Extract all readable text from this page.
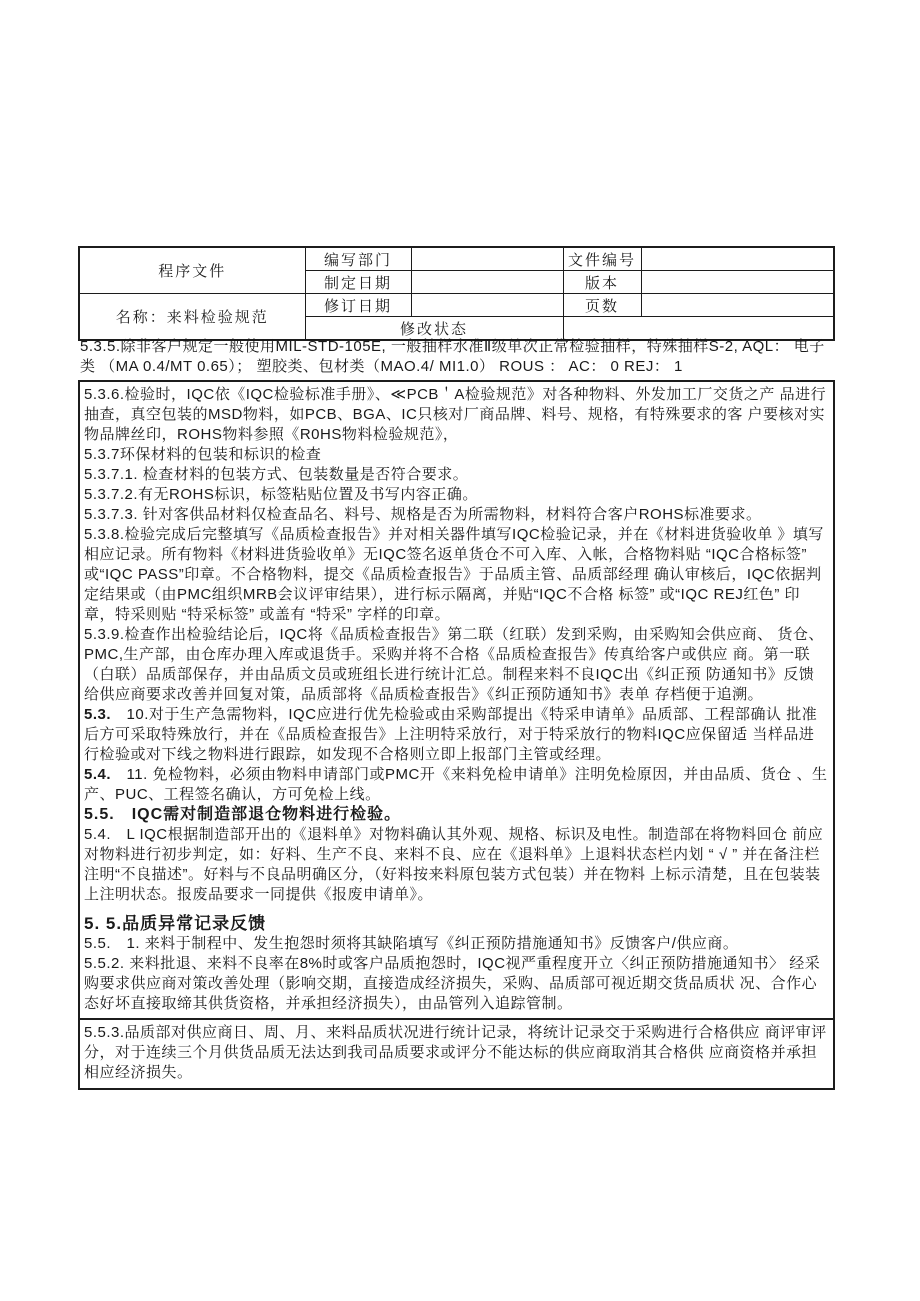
程序文件	编写部门		文件编号	
	制定日期		版本	
名称：来料检验规范	修订日期		页数	
	修改状态			

5.3.5.除非客户规定一般使用MIL-STD-105E, 一般抽样水准Ⅱ级单次正常检验抽样，特殊抽样S-2, AQL： 电子类 （MA 0.4/MT 0.65）； 塑胶类、包材类（MAO.4/ MI1.0） ROUS ： AC： 0 REJ： 1

5.3.6.检验时，IQC依《IQC检验标准手册》、≪PCB＇A检验规范》对各种物料、外发加工厂交货之产 品进行抽查，真空包装的MSD物料，如PCB、BGA、IC只核对厂商品牌、料号、规格，有特殊要求的客 户要核对实物品牌丝印，ROHS物料参照《R0HS物料检验规范》，

5.3.7环保材料的包装和标识的检查

5.3.7.1. 检查材料的包装方式、包装数量是否符合要求。

5.3.7.2.有无ROHS标识，标签粘贴位置及书写内容正确。

5.3.7.3. 针对客供品材料仅检查品名、料号、规格是否为所需物料，材料符合客户ROHS标准要求。

5.3.8.检验完成后完整填写《品质检查报告》并对相关器件填写IQC检验记录，并在《材料进货验收单 》填写相应记录。所有物料《材料进货验收单》无IQC签名返单货仓不可入库、入帐，合格物料贴 “IQC合格标签” 或“IQC PASS”印章。不合格物料，提交《品质检查报告》于品质主管、品质部经理 确认审核后，IQC依据判定结果或（由PMC组织MRB会议评审结果），进行标示隔离，并贴“IQC不合格 标签” 或“IQC REJ红色” 印章，特采则贴 “特采标签” 或盖有 “特采” 字样的印章。

5.3.9.检查作出检验结论后，IQC将《品质检查报告》第二联（红联）发到采购，由采购知会供应商、 货仓、PMC,生产部，由仓库办理入库或退货手。采购并将不合格《品质检查报告》传真给客户或供应 商。第一联（白联）品质部保存，并由品质文员或班组长进行统计汇总。制程来料不良IQC出《纠正预 防通知书》反馈给供应商要求改善并回复对策，品质部将《品质检查报告》《纠正预防通知书》表单 存档便于追溯。

5.3.　10.对于生产急需物料，IQC应进行优先检验或由采购部提出《特采申请单》品质部、工程部确认 批准后方可采取特殊放行，并在《品质检查报告》上注明特采放行，对于特采放行的物料IQC应保留适 当样品进行检验或对下线之物料进行跟踪，如发现不合格则立即上报部门主管或经理。

5.4.　11. 免检物料，必须由物料申请部门或PMC开《来料免检申请单》注明免检原因，并由品质、货仓 、生产、PUC、工程签名确认，方可免检上线。

5.5.　IQC需对制造部退仓物料进行检验。

5.4.　L IQC根据制造部开出的《退料单》对物料确认其外观、规格、标识及电性。制造部在将物料回仓 前应对物料进行初步判定，如：好料、生产不良、来料不良、应在《退料单》上退料状态栏内划 “ √ ” 并在备注栏注明“不良描述”。好料与不良品明确区分，（好料按来料原包装方式包装）并在物料 上标示清楚，且在包装装上注明状态。报废品要求一同提供《报废申请单》。

5. 5.品质异常记录反馈

5.5.　1. 来料于制程中、发生抱怨时须将其缺陷填写《纠正预防措施通知书》反馈客户/供应商。

5.5.2. 来料批退、来料不良率在8%时或客户品质抱怨时，IQC视严重程度开立〈纠正预防措施通知书〉 经采购要求供应商对策改善处理（影响交期，直接造成经济损失，采购、品质部可视近期交货品质状 况、合作心态好坏直接取缔其供货资格，并承担经济损失），由品管列入追踪管制。

5.5.3.品质部对供应商日、周、月、来料品质状况进行统计记录，将统计记录交于采购进行合格供应 商评审评分，对于连续三个月供货品质无法达到我司品质要求或评分不能达标的供应商取消其合格供 应商资格并承担相应经济损失。
